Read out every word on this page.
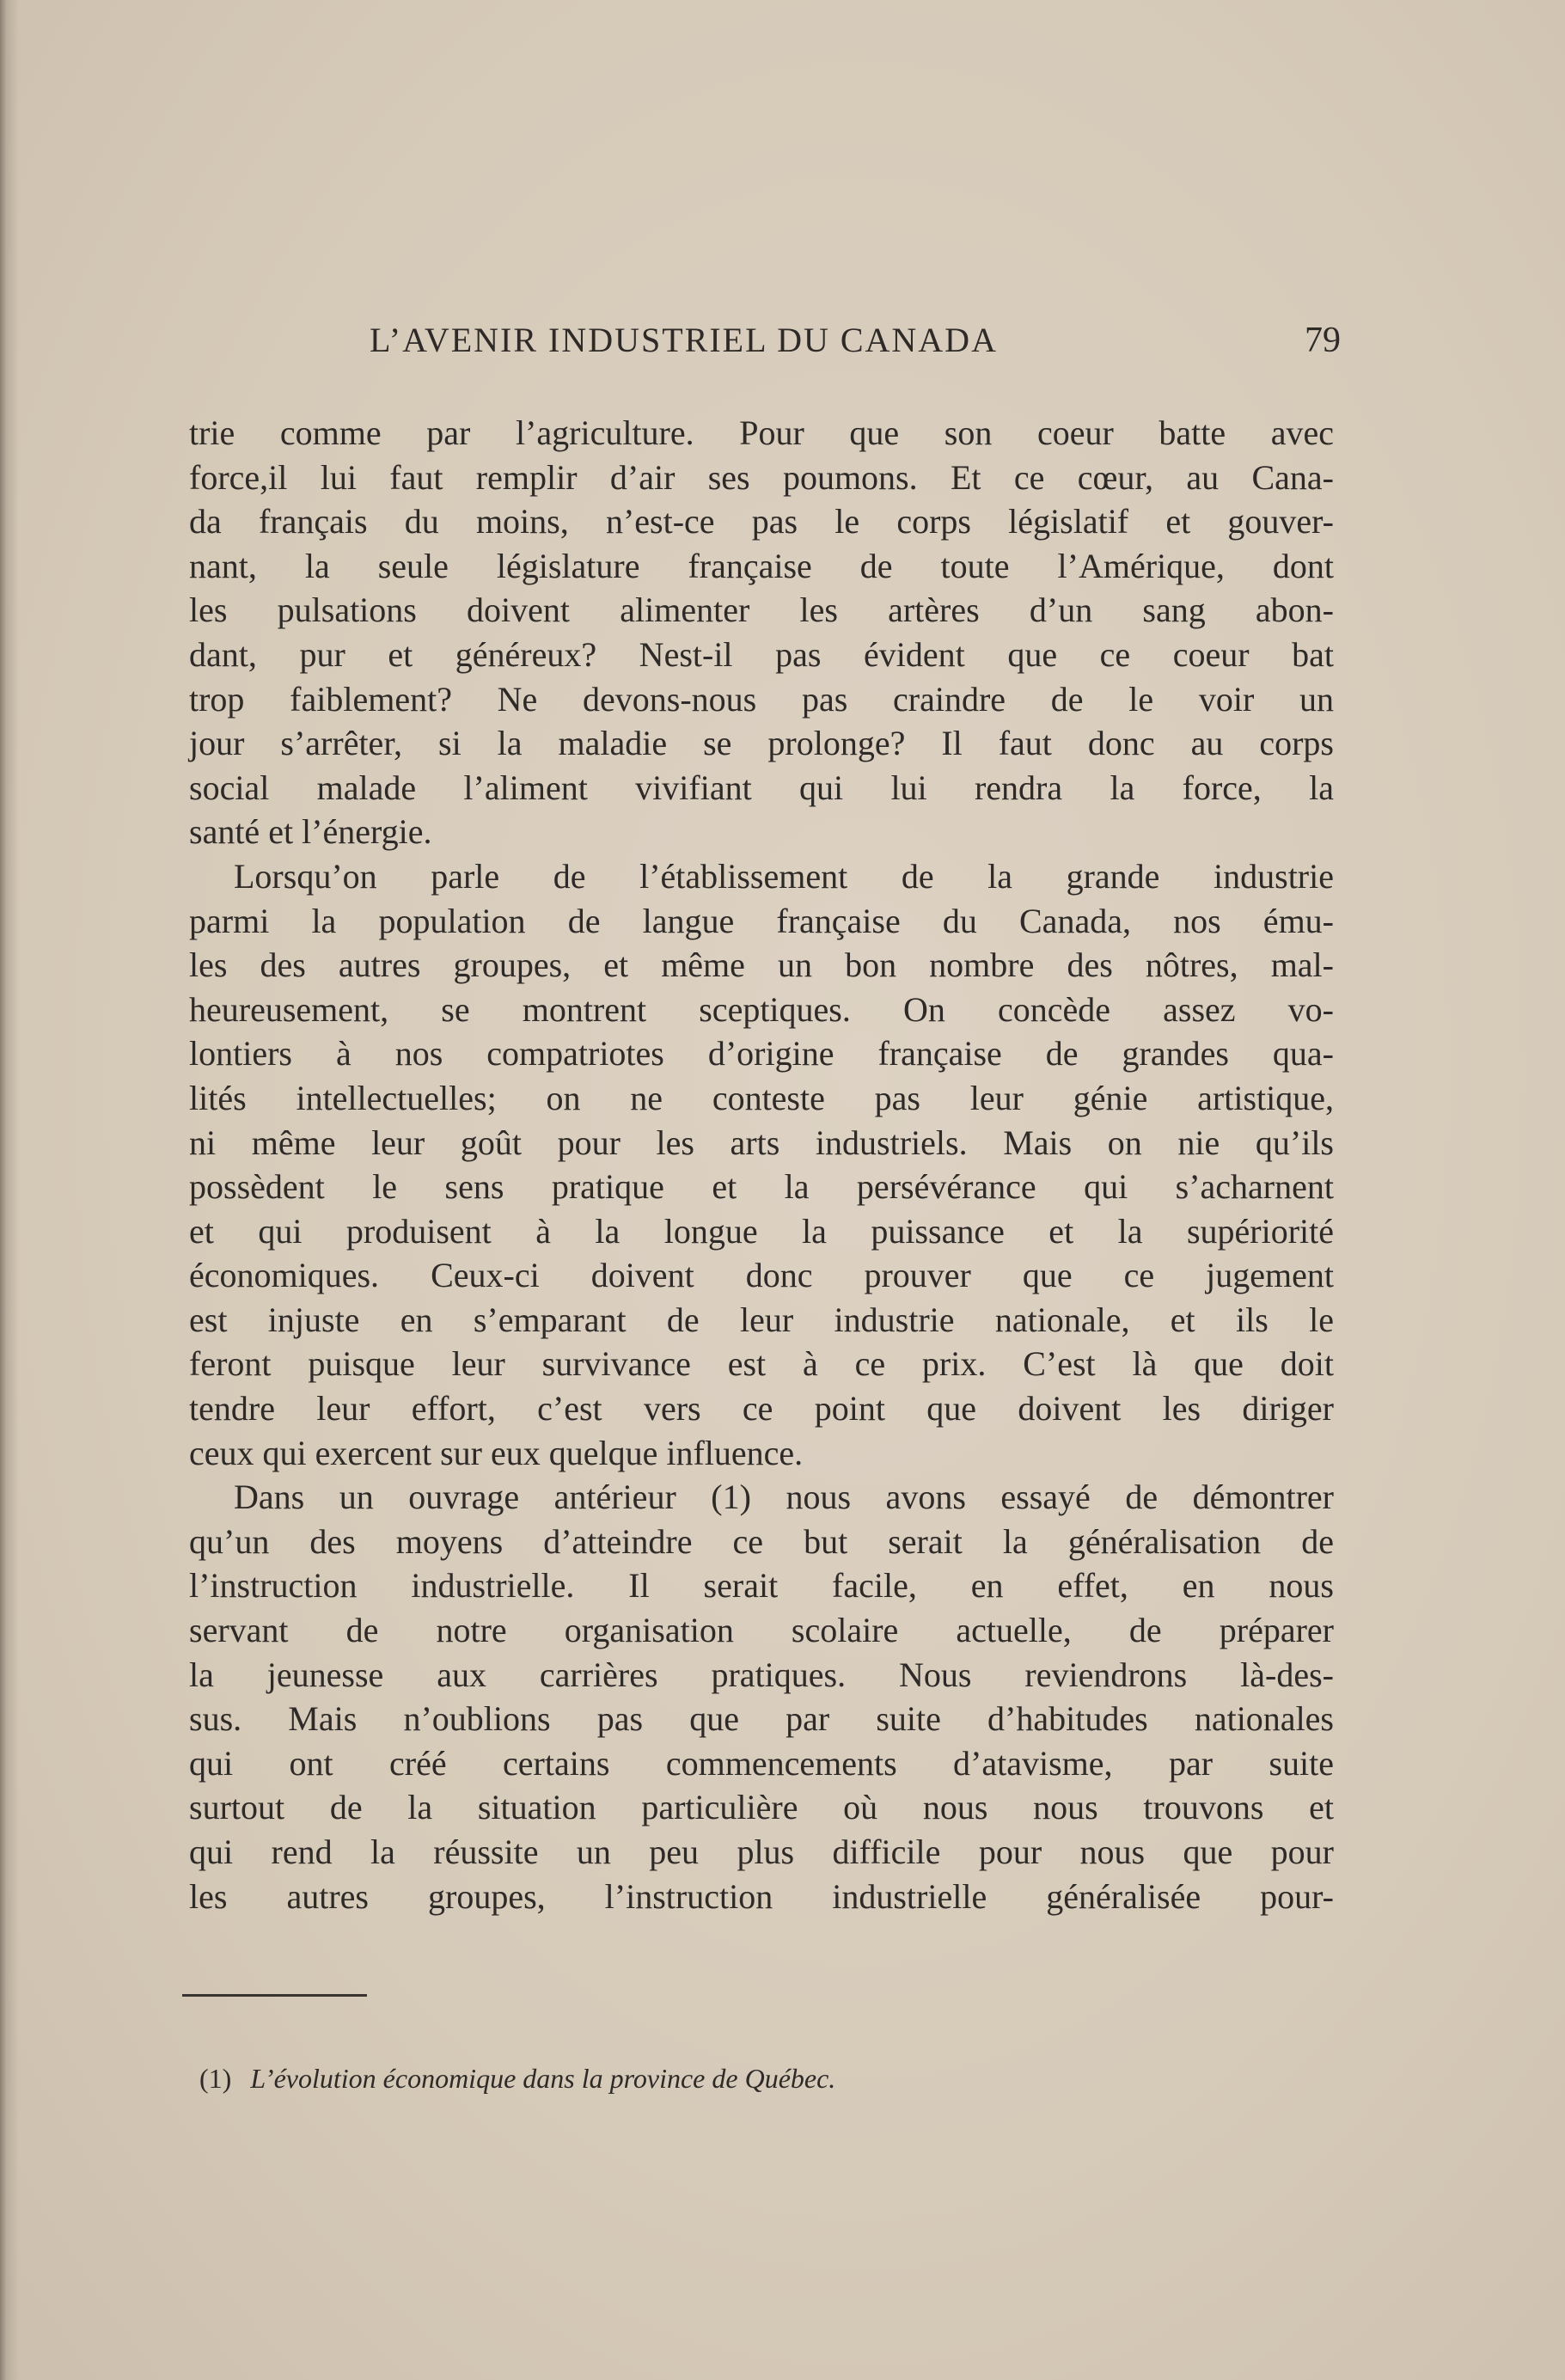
L’AVENIR INDUSTRIEL DU CANADA	79
trie comme par l’agriculture. Pour que son coeur batte avec
force,il lui faut remplir d’air ses poumons. Et ce cœur, au Cana-
da français du moins, n’est-ce pas le corps législatif et gouver-
nant, la seule législature française de toute l’Amérique, dont
les pulsations doivent alimenter les artères d’un sang abon-
dant, pur et généreux? Nest-il pas évident que ce coeur bat
trop faiblement? Ne devons-nous pas craindre de le voir un
jour s’arrêter, si la maladie se prolonge? Il faut donc au corps
social malade l’aliment vivifiant qui lui rendra la force, la
santé et l’énergie.
Lorsqu’on parle de l’établissement de la grande industrie
parmi la population de langue française du Canada, nos ému-
les des autres groupes, et même un bon nombre des nôtres, mal-
heureusement, se montrent sceptiques. On concède assez vo-
lontiers à nos compatriotes d’origine française de grandes qua-
lités intellectuelles; on ne conteste pas leur génie artistique,
ni même leur goût pour les arts industriels. Mais on nie qu’ils
possèdent le sens pratique et la persévérance qui s’acharnent
et qui produisent à la longue la puissance et la supériorité
économiques. Ceux-ci doivent donc prouver que ce jugement
est injuste en s’emparant de leur industrie nationale, et ils le
feront puisque leur survivance est à ce prix. C’est là que doit
tendre leur effort, c’est vers ce point que doivent les diriger
ceux qui exercent sur eux quelque influence.
Dans un ouvrage antérieur (1) nous avons essayé de démontrer
qu’un des moyens d’atteindre ce but serait la généralisation de
l’instruction industrielle. Il serait facile, en effet, en nous
servant de notre organisation scolaire actuelle, de préparer
la jeunesse aux carrières pratiques. Nous reviendrons là-des-
sus. Mais n’oublions pas que par suite d’habitudes nationales
qui ont créé certains commencements d’atavisme, par suite
surtout de la situation particulière où nous nous trouvons et
qui rend la réussite un peu plus difficile pour nous que pour
les autres groupes, l’instruction industrielle généralisée pour-
(1) L’évolution économique dans la province de Québec.
